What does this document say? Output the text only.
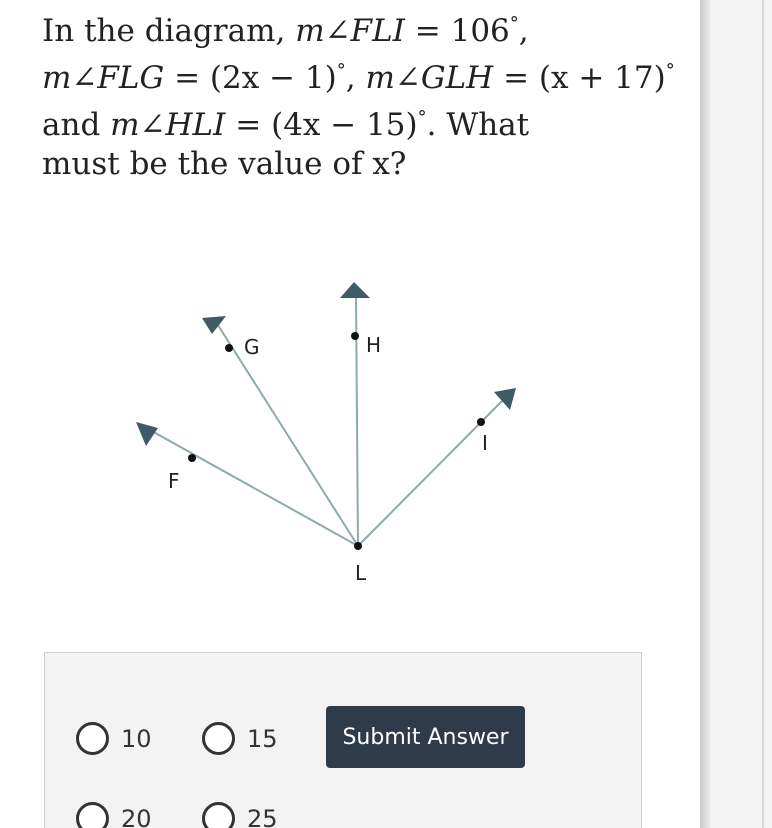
In the diagram, m∠FLI = 106°,
m∠FLG = (2x − 1)°, m∠GLH = (x + 17)°
and m∠HLI = (4x − 15)°. What
must be the value of x?
F
G	H
I
L
10	15
20	25
Submit Answer
